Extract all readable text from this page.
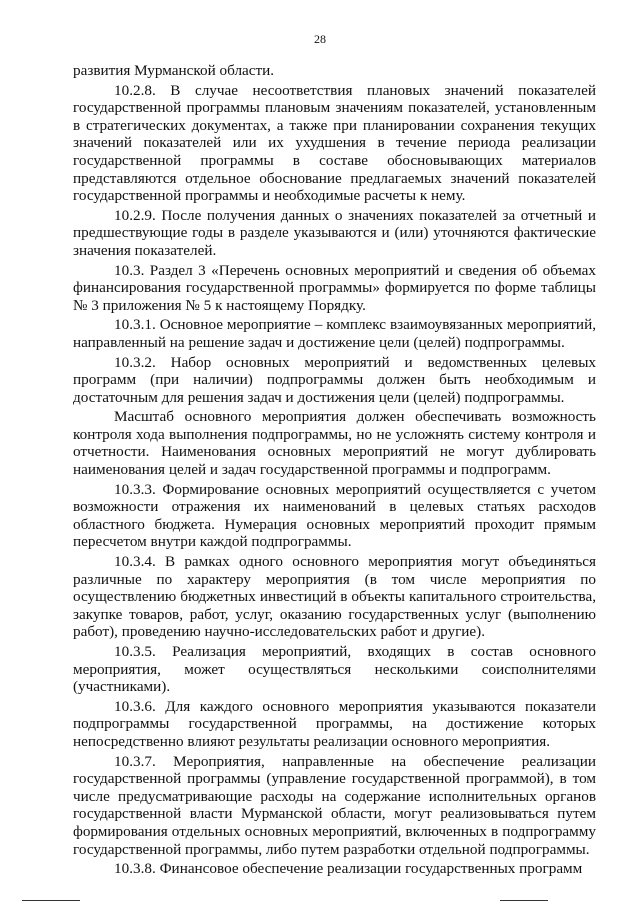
28

развития Мурманской области.

10.2.8. В случае несоответствия плановых значений показателей государственной программы плановым значениям показателей, установленным в стратегических документах, а также при планировании сохранения текущих значений показателей или их ухудшения в течение периода реализации государственной программы в составе обосновывающих материалов представляются отдельное обоснование предлагаемых значений показателей государственной программы и необходимые расчеты к нему.

10.2.9. После получения данных о значениях показателей за отчетный и предшествующие годы в разделе указываются и (или) уточняются фактические значения показателей.

10.3. Раздел 3 «Перечень основных мероприятий и сведения об объемах финансирования государственной программы» формируется по форме таблицы № 3 приложения № 5 к настоящему Порядку.

10.3.1. Основное мероприятие – комплекс взаимоувязанных мероприятий, направленный на решение задач и достижение цели (целей) подпрограммы.

10.3.2. Набор основных мероприятий и ведомственных целевых программ (при наличии) подпрограммы должен быть необходимым и достаточным для решения задач и достижения цели (целей) подпрограммы.

Масштаб основного мероприятия должен обеспечивать возможность контроля хода выполнения подпрограммы, но не усложнять систему контроля и отчетности. Наименования основных мероприятий не могут дублировать наименования целей и задач государственной программы и подпрограмм.

10.3.3. Формирование основных мероприятий осуществляется с учетом возможности отражения их наименований в целевых статьях расходов областного бюджета. Нумерация основных мероприятий проходит прямым пересчетом внутри каждой подпрограммы.

10.3.4. В рамках одного основного мероприятия могут объединяться различные по характеру мероприятия (в том числе мероприятия по осуществлению бюджетных инвестиций в объекты капитального строительства, закупке товаров, работ, услуг, оказанию государственных услуг (выполнению работ), проведению научно-исследовательских работ и другие).

10.3.5. Реализация мероприятий, входящих в состав основного мероприятия, может осуществляться несколькими соисполнителями (участниками).

10.3.6. Для каждого основного мероприятия указываются показатели подпрограммы государственной программы, на достижение которых непосредственно влияют результаты реализации основного мероприятия.

10.3.7. Мероприятия, направленные на обеспечение реализации государственной программы (управление государственной программой), в том числе предусматривающие расходы на содержание исполнительных органов государственной власти Мурманской области, могут реализовываться путем формирования отдельных основных мероприятий, включенных в подпрограмму государственной программы, либо путем разработки отдельной подпрограммы.

10.3.8. Финансовое обеспечение реализации государственных программ
